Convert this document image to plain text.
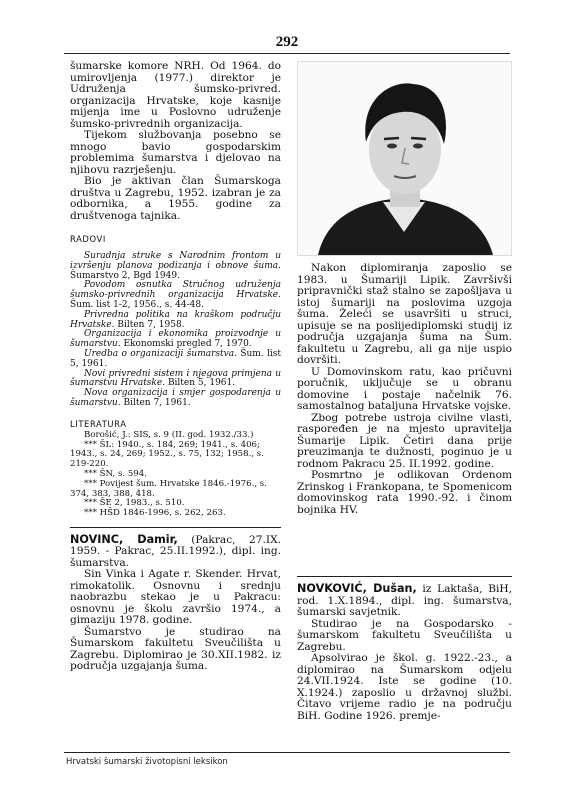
292

šumarske komore NRH. Od 1964. do umirovljenja (1977.) direktor je Udruženja šumsko-privred. organizacija Hrvatske, koje kasnije mijenja ime u Poslovno udruženje šumsko-privrednih organizacija.

Tijekom službovanja posebno se mnogo bavio gospodarskim problemima šumarstva i djelovao na njihovu razrješenju.

Bio je aktivan član Šumarskoga društva u Zagrebu, 1952. izabran je za odbornika, a 1955. godine za društvenoga tajnika.

RADOVI

Suradnja struke s Narodnim frontom u izvršenju planova podizanja i obnove šuma. Šumarstvo 2, Bgd 1949.

Povodom osnutka Stručnog udruženja šumsko-privrednih organizacija Hrvatske. Šum. list 1-2, 1956., s. 44-48.

Privredna politika na kraškom području Hrvatske. Bilten 7, 1958.

Organizacija i ekonomika proizvodnje u šumarstvu. Ekonomski pregled 7, 1970.

Uredba o organizaciji šumarstva. Šum. list 5, 1961.

Novi privredni sistem i njegova primjena u šumarstvu Hrvatske. Bilten 5, 1961.

Nova organizacija i smjer gospodarenja u šumarstvu. Bilten 7, 1961.

LITERATURA

Borošić, J.: SIS, s. 9 (II. god. 1932./33.)

*** ŠL: 1940., s. 184, 269; 1941., s. 406; 1943., s. 24, 269; 1952., s. 75, 132; 1958., s. 219-220.

*** ŠN, s. 594.

*** Povijest šum. Hrvatske 1846.-1976., s. 374, 383, 388, 418.

*** ŠE 2, 1983., s. 510.

*** HŠD 1846-1996, s. 262, 263.

NOVINC, Damir, (Pakrac, 27.IX. 1959. - Pakrac, 25.II.1992.), dipl. ing. šumarstva.

Sin Vinka i Agate r. Skender. Hrvat, rimokatolik. Osnovnu i srednju naobrazbu stekao je u Pakracu: osnovnu je školu završio 1974., a gimaziju 1978. godine.

Šumarstvo je studirao na Šumarskom fakultetu Sveučilišta u Zagrebu. Diplomirao je 30.XII.1982. iz područja uzgajanja šuma.

Nakon diplomiranja zaposlio se 1983. u Šumariji Lipik. Završivši pripravnički staž stalno se zapošljava u istoj šumariji na poslovima uzgoja šuma. Želeći se usavršiti u struci, upisuje se na poslijediplomski studij iz područja uzgajanja šuma na Šum. fakultetu u Zagrebu, ali ga nije uspio dovršiti.

U Domovinskom ratu, kao pričuvni poručnik, uključuje se u obranu domovine i postaje načelnik 76. samostalnog bataljuna Hrvatske vojske.

Zbog potrebe ustroja civilne vlasti, raspoređen je na mjesto upravitelja Šumarije Lipik. Četiri dana prije preuzimanja te dužnosti, poginuo je u rodnom Pakracu 25. II.1992. godine.

Posmrtno je odlikovan Ordenom Zrinskog i Frankopana, te Spomenicom domovinskog rata 1990.-92. i činom bojnika HV.

NOVKOVIĆ, Dušan, iz Laktaša, BiH, rod. 1.X.1894., dipl. ing. šumarstva, šumarski savjetnik.

Studirao je na Gospodarsko - šumarskom fakultetu Sveučilišta u Zagrebu.

Apsolvirao je škol. g. 1922.-23., a diplomirao na Šumarskom odjelu 24.VII.1924. Iste se godine (10. X.1924.) zaposlio u državnoj službi. Čitavo vrijeme radio je na području BiH. Godine 1926. premje-

Hrvatski šumarski životopisni leksikon
